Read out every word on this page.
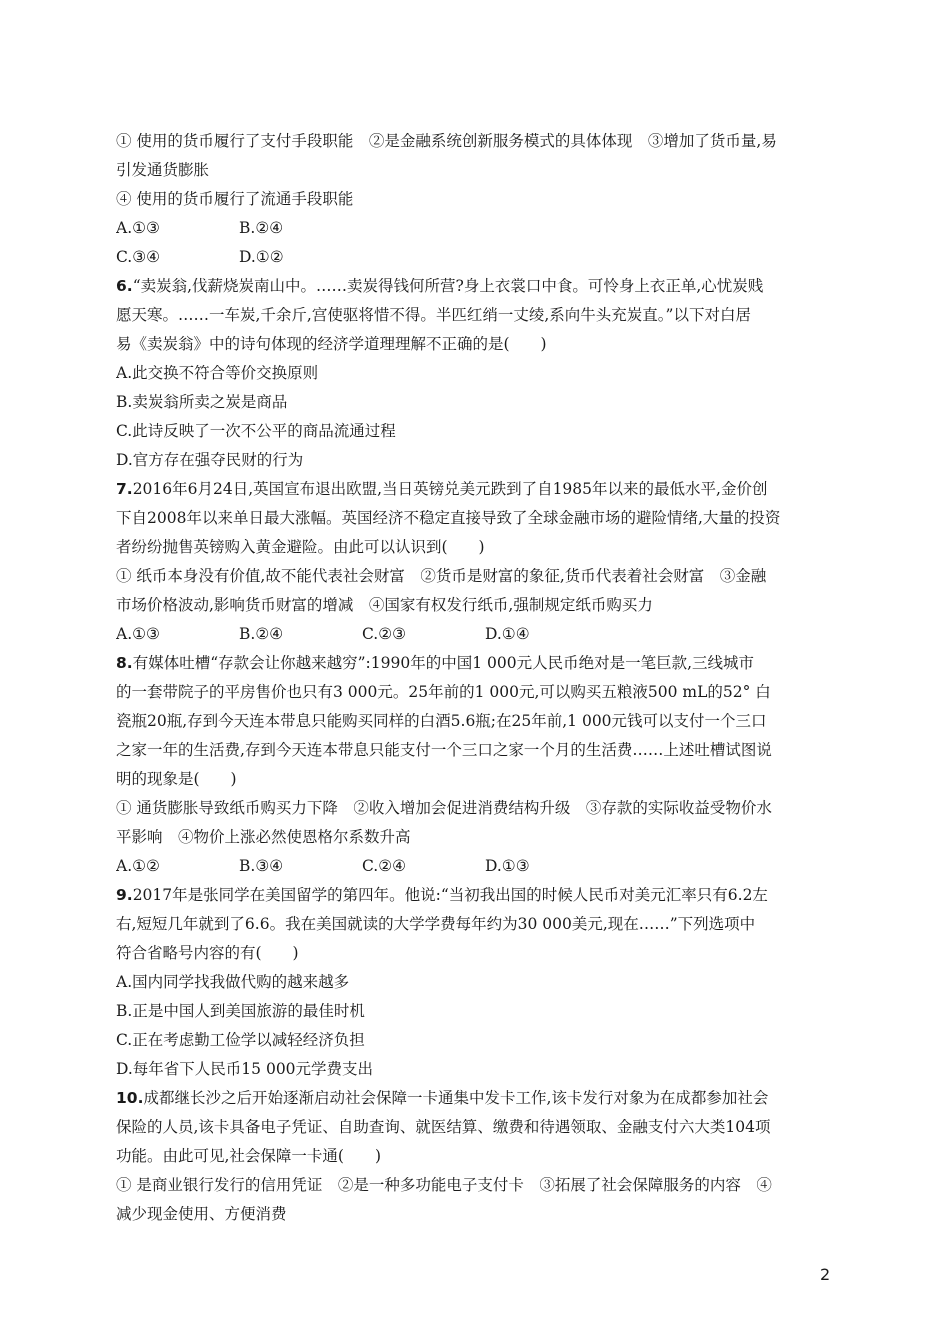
① 使用的货币履行了支付手段职能　②是金融系统创新服务模式的具体体现　③增加了货币量,易
引发通货膨胀
④ 使用的货币履行了流通手段职能
A.①③	B.②④
C.③④	D.①②
6.“卖炭翁,伐薪烧炭南山中。……卖炭得钱何所营?身上衣裳口中食。可怜身上衣正单,心忧炭贱
愿天寒。……一车炭,千余斤,宫使驱将惜不得。半匹红绡一丈绫,系向牛头充炭直。”以下对白居
易《卖炭翁》中的诗句体现的经济学道理理解不正确的是(　　)
A.此交换不符合等价交换原则
B.卖炭翁所卖之炭是商品
C.此诗反映了一次不公平的商品流通过程
D.官方存在强夺民财的行为
7.2016年6月24日,英国宣布退出欧盟,当日英镑兑美元跌到了自1985年以来的最低水平,金价创
下自2008年以来单日最大涨幅。英国经济不稳定直接导致了全球金融市场的避险情绪,大量的投资
者纷纷抛售英镑购入黄金避险。由此可以认识到(　　)
① 纸币本身没有价值,故不能代表社会财富　②货币是财富的象征,货币代表着社会财富　③金融
市场价格波动,影响货币财富的增减　④国家有权发行纸币,强制规定纸币购买力
A.①③	B.②④	C.②③	D.①④
8.有媒体吐槽“存款会让你越来越穷”:1990年的中国1 000元人民币绝对是一笔巨款,三线城市
的一套带院子的平房售价也只有3 000元。25年前的1 000元,可以购买五粮液500 mL的52° 白
瓷瓶20瓶,存到今天连本带息只能购买同样的白酒5.6瓶;在25年前,1 000元钱可以支付一个三口
之家一年的生活费,存到今天连本带息只能支付一个三口之家一个月的生活费……上述吐槽试图说
明的现象是(　　)
① 通货膨胀导致纸币购买力下降　②收入增加会促进消费结构升级　③存款的实际收益受物价水
平影响　④物价上涨必然使恩格尔系数升高
A.①②	B.③④	C.②④	D.①③
9.2017年是张同学在美国留学的第四年。他说:“当初我出国的时候人民币对美元汇率只有6.2左
右,短短几年就到了6.6。我在美国就读的大学学费每年约为30 000美元,现在……”下列选项中
符合省略号内容的有(　　)
A.国内同学找我做代购的越来越多
B.正是中国人到美国旅游的最佳时机
C.正在考虑勤工俭学以减轻经济负担
D.每年省下人民币15 000元学费支出
10.成都继长沙之后开始逐渐启动社会保障一卡通集中发卡工作,该卡发行对象为在成都参加社会
保险的人员,该卡具备电子凭证、自助查询、就医结算、缴费和待遇领取、金融支付六大类104项
功能。由此可见,社会保障一卡通(　　)
① 是商业银行发行的信用凭证　②是一种多功能电子支付卡　③拓展了社会保障服务的内容　④
减少现金使用、方便消费
2
